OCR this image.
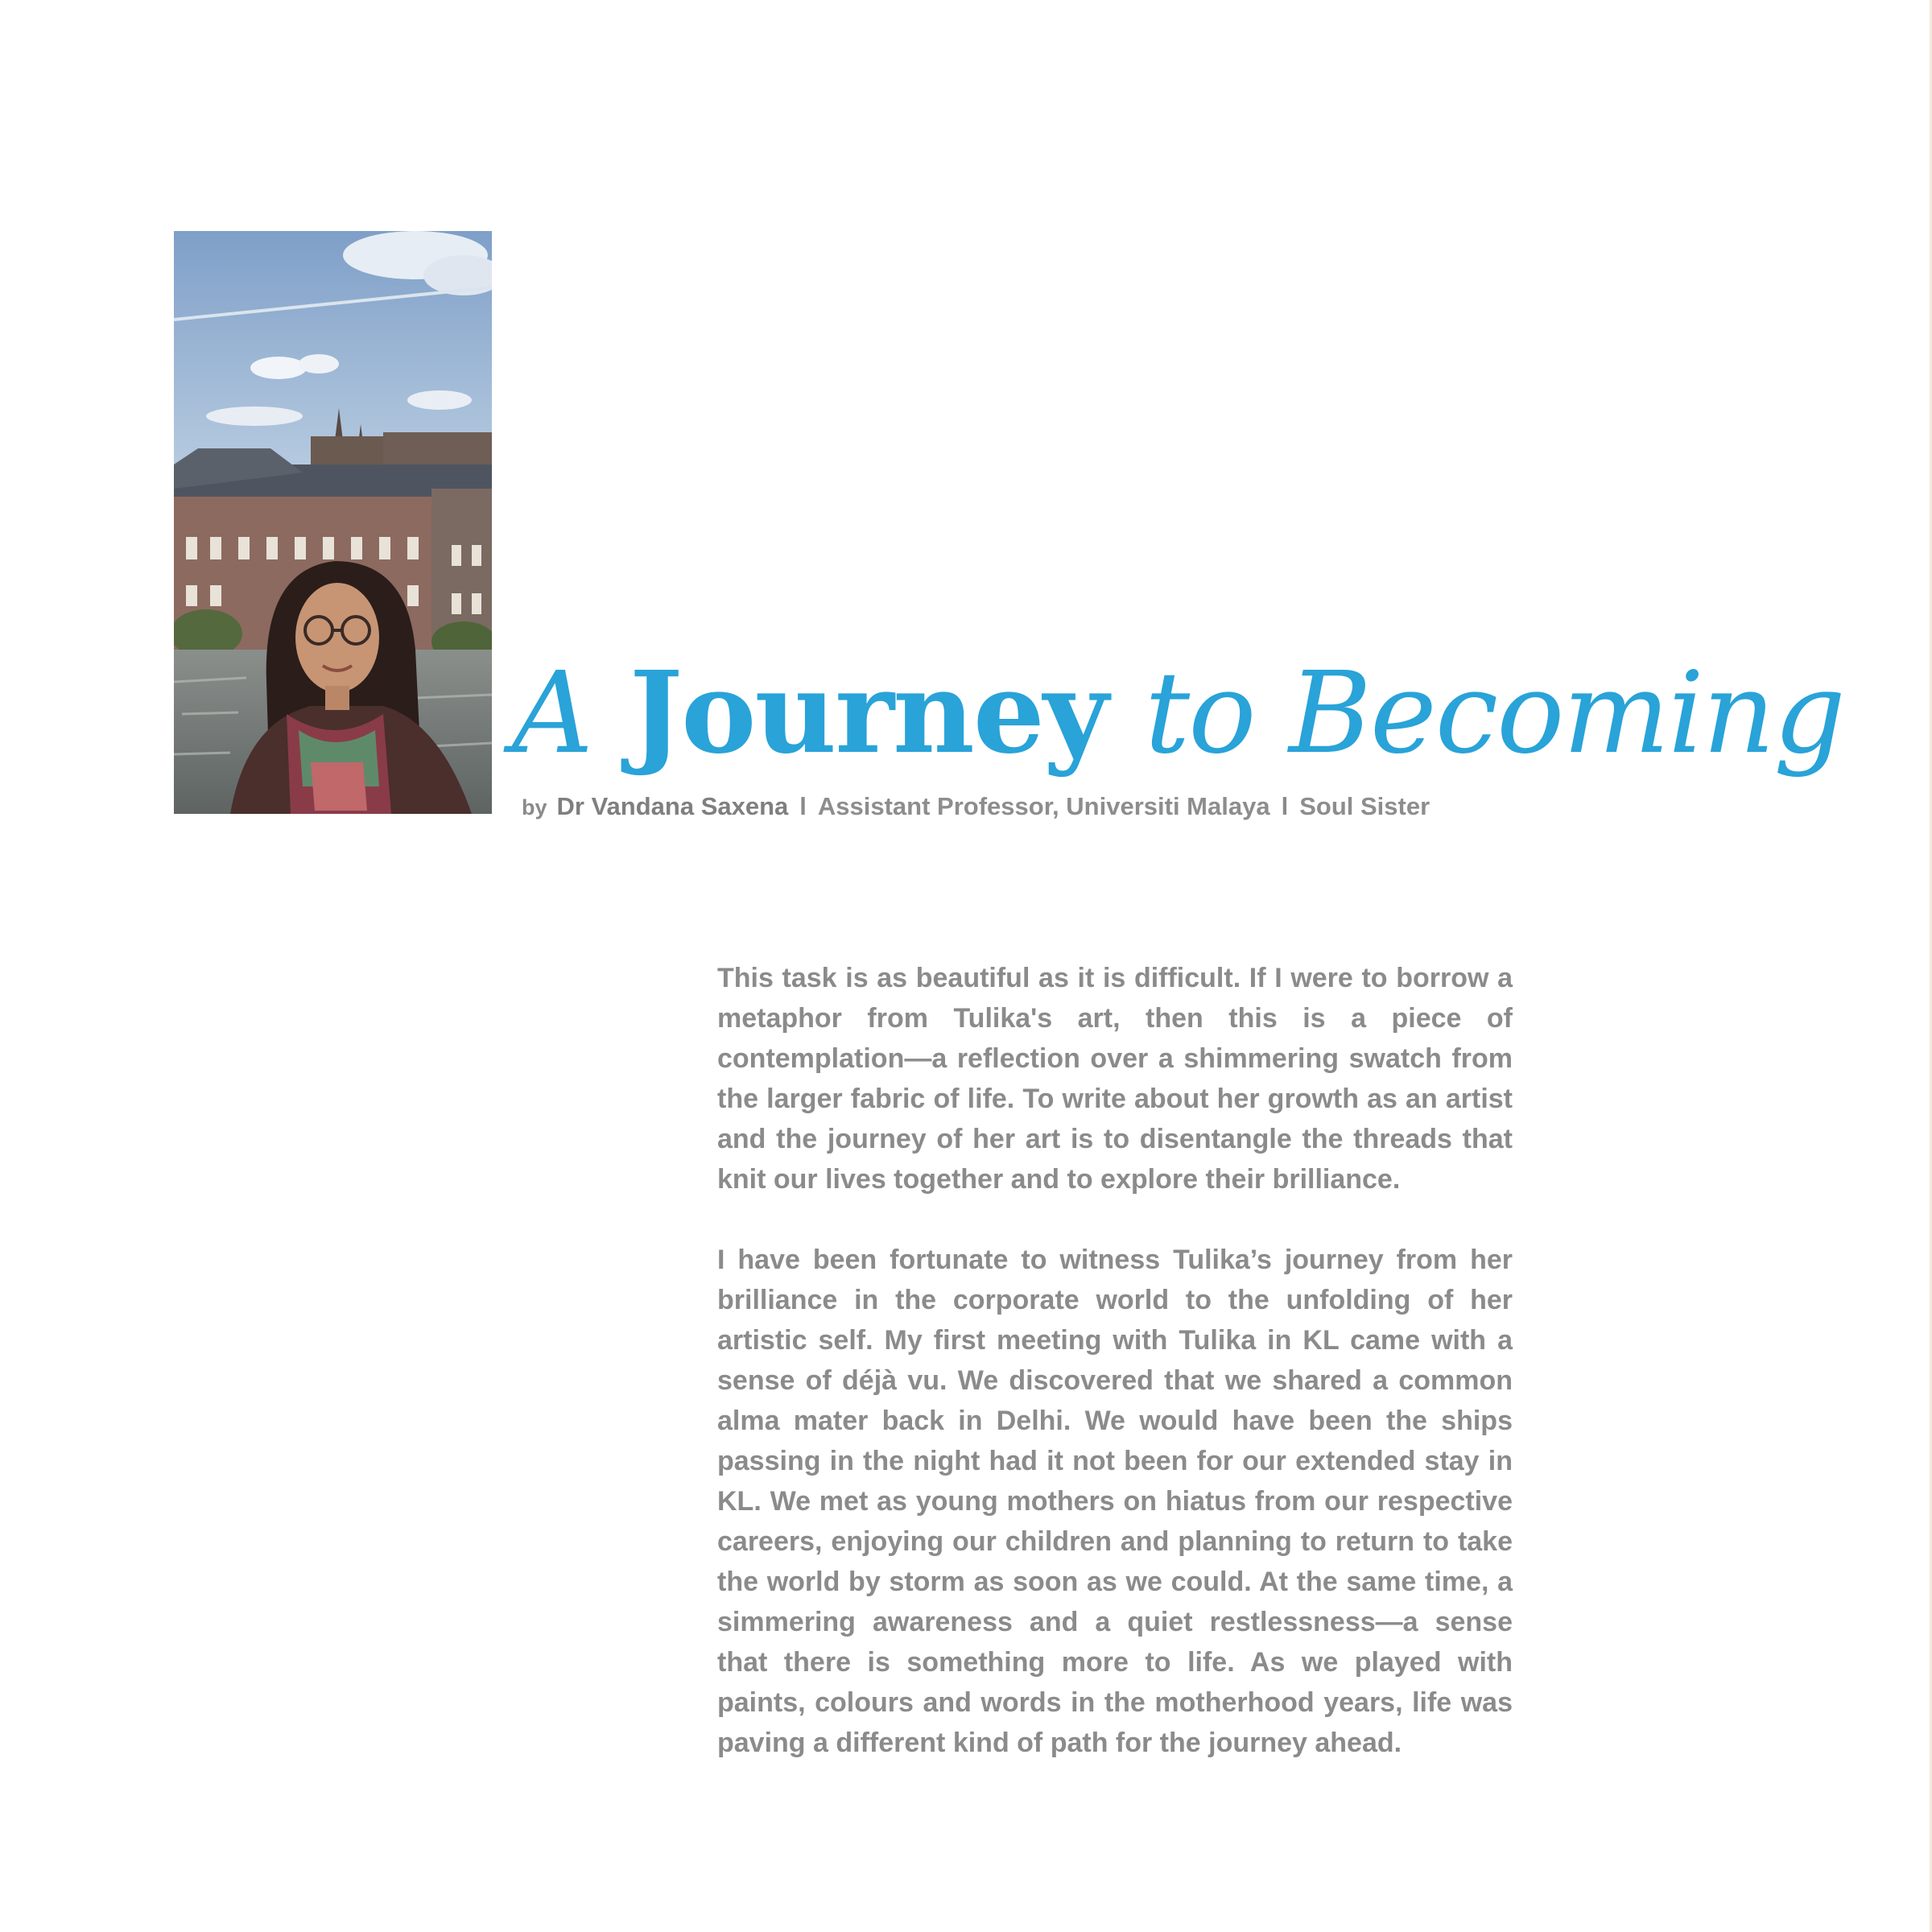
A Journey to Becoming
by Dr Vandana Saxena l Assistant Professor, Universiti Malaya l Soul Sister

This task is as beautiful as it is difficult. If I were to borrow a metaphor from Tulika's art, then this is a piece of contemplation—a reflection over a shimmering swatch from the larger fabric of life. To write about her growth as an artist and the journey of her art is to disentangle the threads that knit our lives together and to explore their brilliance.

I have been fortunate to witness Tulika’s journey from her brilliance in the corporate world to the unfolding of her artistic self. My first meeting with Tulika in KL came with a sense of déjà vu. We discovered that we shared a common alma mater back in Delhi. We would have been the ships passing in the night had it not been for our extended stay in KL. We met as young mothers on hiatus from our respective careers, enjoying our children and planning to return to take the world by storm as soon as we could. At the same time, a simmering awareness and a quiet restlessness—a sense that there is something more to life. As we played with paints, colours and words in the motherhood years, life was paving a different kind of path for the journey ahead.
